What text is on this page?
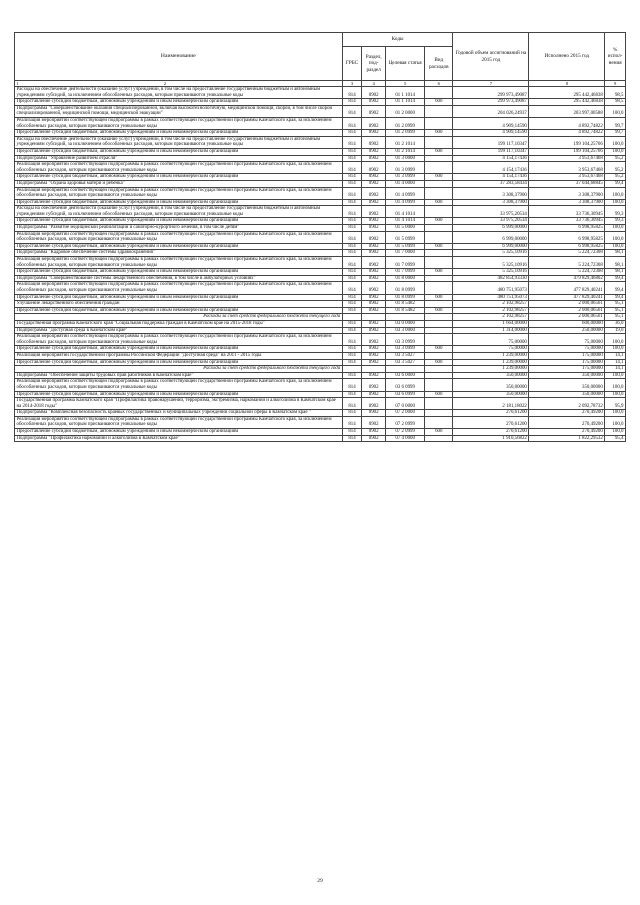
Наименование	Коды				Годовой объем ассигнований на 2015 год	Исполнено 2015 год	% испол-нения
	ГРБС	Раздел, под-раздел	Целевая статья	Вид расходов			
1 2	3	4	5	6	7	8	9
Расходы на обеспечение деятельности (оказание услуг) учреждений, в том числе на предоставление государственным бюджетным и автономным учреждениям субсидий, за исключением обособленных расходов, которым присваиваются уникальные коды	814	0902	01 1 1014		299 973,49087	295 442,46838	98,5
Предоставление субсидий бюджетным, автономным учреждениям и иным некоммерческим организациям	814	0902	01 1 1014	600	299 973,49087	295 442,46838	98,5
Подпрограмма "Совершенствование оказания специализированной, включая высокотехнологичную, медицинской помощи, скорой, в том числе скорой специализированной, медицинской помощи, медицинской эвакуации"	814	0902	01 2 0000		204 026,24937	203 997,00588	100,0
Реализация мероприятий соответствующей подпрограммы в рамках соответствующей государственной программы Камчатского края, за исключением обособленных расходов, которым присваиваются уникальные коды	814	0902	01 2 0999		4 909,14590	4 892,74822	99,7
Предоставление субсидий бюджетным, автономным учреждениям и иным некоммерческим организациям	814	0902	01 2 0999	600	4 909,14590	4 892,74822	99,7
Расходы на обеспечение деятельности (оказание услуг) учреждений, в том числе на предоставление государственным бюджетным и автономным учреждениям субсидий, за исключением обособленных расходов, которым присваиваются уникальные коды	814	0902	01 2 1014		199 117,10347	199 104,25766	100,0
Предоставление субсидий бюджетным, автономным учреждениям и иным некоммерческим организациям	814	0902	01 2 1014	600	199 117,10347	199 104,25766	100,0
Подпрограмма "Управление развитием отрасли"	814	0902	01 3 0000		4 154,17436	3 953,67468	95,2
Реализация мероприятий соответствующей подпрограммы в рамках соответствующей государственной программы Камчатского края, за исключением обособленных расходов, которым присваиваются уникальные коды	814	0902	01 3 0999		4 154,17436	3 953,67468	95,2
Предоставление субсидий бюджетным, автономным учреждениям и иным некоммерческим организациям	814	0902	01 3 0999	600	4 154,17436	3 953,67468	95,2
Подпрограмма "Охрана здоровья матери и ребенка"	814	0902	01 4 0000		37 283,58434	37 044,68845	99,4
Реализация мероприятий соответствующей подпрограммы в рамках соответствующей государственной программы Камчатского края, за исключением обособленных расходов, которым присваиваются уникальные коды	814	0902	01 4 0999		3 308,37900	3 308,37900	100,0
Предоставление субсидий бюджетным, автономным учреждениям и иным некоммерческим организациям	814	0902	01 4 0999	600	3 308,37900	3 308,37900	100,0
Расходы на обеспечение деятельности (оказание услуг) учреждений, в том числе на предоставление государственным бюджетным и автономным учреждениям субсидий, за исключением обособленных расходов, которым присваиваются уникальные коды	814	0902	01 4 1014		33 975,20534	33 736,30945	99,3
Предоставление субсидий бюджетным, автономным учреждениям и иным некоммерческим организациям	814	0902	01 4 1014	600	33 975,20534	33 736,30945	99,3
Подпрограмма "Развитие медицинской реабилитации и санаторно-курортного лечения, в том числе детям"	814	0902	01 5 0000		6 999,00000	6 998,95825	100,0
Реализация мероприятий соответствующей подпрограммы в рамках соответствующей государственной программы Камчатского края, за исключением обособленных расходов, которым присваиваются уникальные коды	814	0902	01 5 0999		6 999,00000	6 998,95825	100,0
Предоставление субсидий бюджетным, автономным учреждениям и иным некоммерческим организациям	814	0902	01 5 0999	600	6 999,00000	6 998,95825	100,0
Подпрограмма "Кадровое обеспечение системы здравоохранения"	814	0902	01 7 0000		5 325,10916	5 224,72308	98,1
Реализация мероприятий соответствующей подпрограммы в рамках соответствующей государственной программы Камчатского края, за исключением обособленных расходов, которым присваиваются уникальные коды	814	0902	01 7 0999		5 325,10916	5 224,72308	98,1
Предоставление субсидий бюджетным, автономным учреждениям и иным некоммерческим организациям	814	0902	01 7 0999	600	5 325,10916	5 224,72308	98,1
Подпрограмма "Совершенствование системы лекарственного обеспечения, в том числе в амбулаторных условиях"	814	0902	01 8 0000		482 854,93330	479 829,46802	99,4
Реализация мероприятий соответствующей подпрограммы в рамках соответствующей государственной программы Камчатского края, за исключением обособленных расходов, которым присваиваются уникальные коды	814	0902	01 8 0999		480 751,95073	477 829,40241	99,4
Предоставление субсидий бюджетным, автономным учреждениям и иным некоммерческим организациям	814	0902	01 8 0999	600	480 751,95073	477 829,40241	99,4
Улучшение лекарственного обеспечения граждан	814	0902	01 8 5482		2 102,98257	2 000,06561	95,1
Предоставление субсидий бюджетным, автономным учреждениям и иным некоммерческим организациям	814	0902	01 8 5482	600	2 102,98257	2 000,06561	95,1
Расходы за счет средств федерального бюджета текущего года					2 102,98257	2 000,06561	95,1
Государственная программа Камчатского края "Социальная поддержка граждан в Камчатском крае на 2015-2018 годы"	814	0902	03 0 0000		1 664,00000	600,00000	36,0
Подпрограмма "Доступная среда в Камчатском крае"	814	0902	03 3 0000		1 314,00000	250,00000	19,0
Реализация мероприятий соответствующей подпрограммы в рамках соответствующей государственной программы Камчатского края, за исключением обособленных расходов, которым присваиваются уникальные коды	814	0902	03 3 0999		75,00000	75,00000	100,0
Предоставление субсидий бюджетным, автономным учреждениям и иным некоммерческим организациям	814	0902	03 3 0999	600	75,00000	75,00000	100,0
Реализация мероприятий государственной программы Российской Федерации "Доступная среда" на 2011 - 2015 годы	814	0902	03 3 5027		1 239,00000	175,00000	14,1
Предоставление субсидий бюджетным, автономным учреждениям и иным некоммерческим организациям	814	0902	03 3 5027	600	1 239,00000	175,00000	14,1
Расходы за счет средств федерального бюджета текущего года					1 239,00000	175,00000	14,1
Подпрограмма "Обеспечение защиты трудовых прав работников в Камчатском крае"	814	0902	03 6 0000		350,00000	350,00000	100,0
Реализация мероприятий соответствующей подпрограммы в рамках соответствующей государственной программы Камчатского края, за исключением обособленных расходов, которым присваиваются уникальные коды	814	0902	03 6 0999		350,00000	350,00000	100,0
Предоставление субсидий бюджетным, автономным учреждениям и иным некоммерческим организациям	814	0902	03 6 0999	600	350,00000	350,00000	100,0
Государственная программа Камчатского края "Профилактика правонарушений, терроризма, экстремизма, наркомании и алкоголизма в Камчатском крае на 2014-2018 годы"	814	0902	07 0 0000		2 181,18022	2 092,78732	95,9
Подпрограмма "Комплексная безопасность краевых государственных и муниципальных учреждений социальной сферы в Камчатском крае "	814	0902	07 2 0000		270,61200	270,49200	100,0
Реализация мероприятий соответствующей подпрограммы в рамках соответствующей государственной программы Камчатского края, за исключением обособленных расходов, которым присваиваются уникальные коды	814	0902	07 2 0999		270,61200	270,49200	100,0
Предоставление субсидий бюджетным, автономным учреждениям и иным некоммерческим организациям	814	0902	07 2 0999	600	270,61200	270,49200	100,0
Подпрограмма "Профилактика наркомании и алкоголизма в Камчатском крае"	814	0902	07 4 0000		1 910,56822	1 822,29532	95,4
29
